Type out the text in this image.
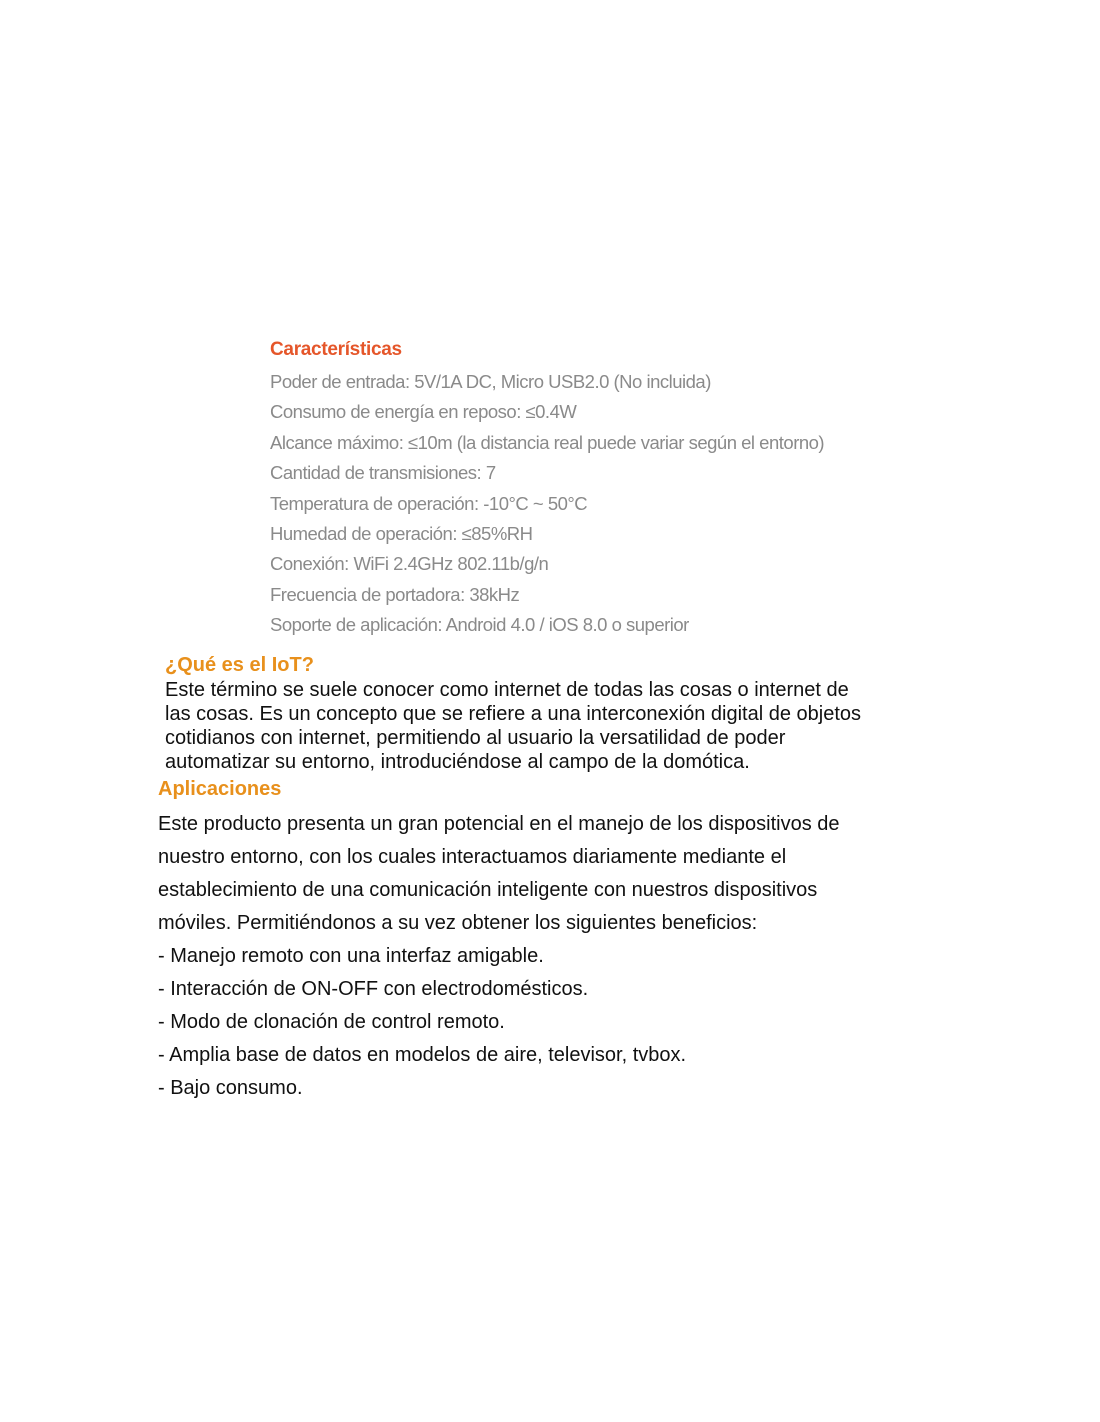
Características
Poder de entrada: 5V/1A DC, Micro USB2.0 (No incluida)
Consumo de energía en reposo: ≤0.4W
Alcance máximo: ≤10m (la distancia real puede variar según el entorno)
Cantidad de transmisiones: 7
Temperatura de operación: -10°C ~ 50°C
Humedad de operación: ≤85%RH
Conexión: WiFi 2.4GHz 802.11b/g/n
Frecuencia de portadora: 38kHz
Soporte de aplicación: Android 4.0 / iOS 8.0 o superior
¿Qué es el IoT?
Este término se suele conocer como internet de todas las cosas o internet de
las cosas. Es un concepto que se refiere a una interconexión digital de objetos
cotidianos con internet, permitiendo al usuario la versatilidad de poder
automatizar su entorno, introduciéndose al campo de la domótica.
Aplicaciones
Este producto presenta un gran potencial en el manejo de los dispositivos de
nuestro entorno, con los cuales interactuamos diariamente mediante el
establecimiento de una comunicación inteligente con nuestros dispositivos
móviles. Permitiéndonos a su vez obtener los siguientes beneficios:
- Manejo remoto con una interfaz amigable.
- Interacción de ON-OFF con electrodomésticos.
- Modo de clonación de control remoto.
- Amplia base de datos en modelos de aire, televisor, tvbox.
- Bajo consumo.
